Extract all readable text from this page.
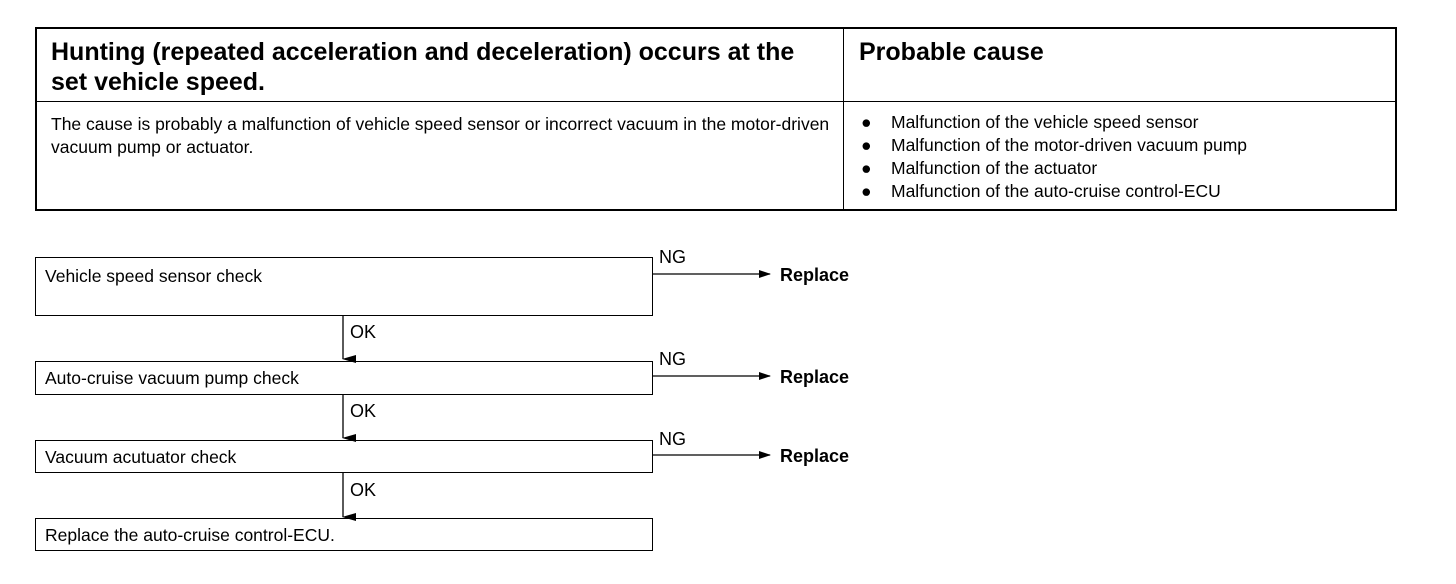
Hunting (repeated acceleration and deceleration) occurs at the set vehicle speed.
Probable cause
The cause is probably a malfunction of vehicle speed sensor or incorrect vacuum in the motor-driven vacuum pump or actuator.
● Malfunction of the vehicle speed sensor
● Malfunction of the motor-driven vacuum pump
● Malfunction of the actuator
● Malfunction of the auto-cruise control-ECU
Vehicle speed sensor check
Auto-cruise vacuum pump check
Vacuum acutuator check
Replace the auto-cruise control-ECU.
NG
NG
NG
Replace
Replace
Replace
OK
OK
OK
